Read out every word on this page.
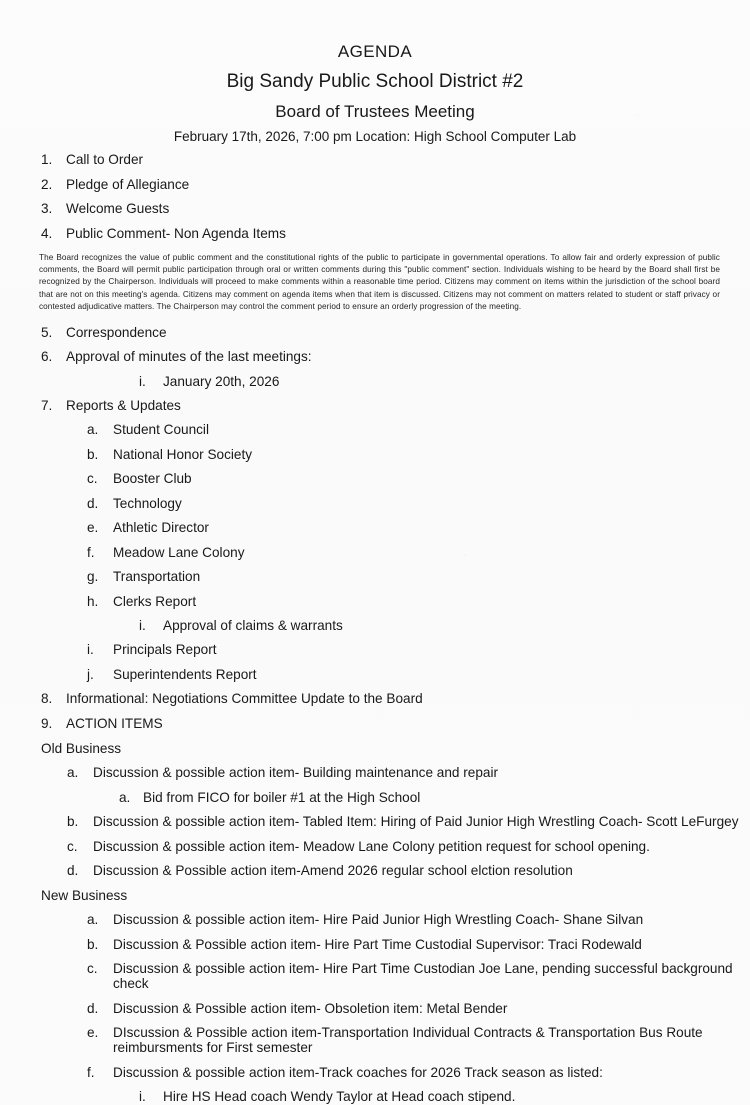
AGENDA
Big Sandy Public School District #2
Board of Trustees Meeting
February 17th, 2026, 7:00 pm Location: High School Computer Lab
1.	Call to Order
2.	Pledge of Allegiance
3.	Welcome Guests
4.	Public Comment- Non Agenda Items

The Board recognizes the value of public comment and the constitutional rights of the public to participate in governmental operations. To allow fair and orderly expression of public comments, the Board will permit public participation through oral or written comments during this "public comment" section. Individuals wishing to be heard by the Board shall first be recognized by the Chairperson. Individuals will proceed to make comments within a reasonable time period. Citizens may comment on items within the jurisdiction of the school board that are not on this meeting's agenda. Citizens may comment on agenda items when that item is discussed. Citizens may not comment on matters related to student or staff privacy or contested adjudicative matters. The Chairperson may control the comment period to ensure an orderly progression of the meeting.

5.	Correspondence
6.	Approval of minutes of the last meetings:
i.	January 20th, 2026
7.	Reports & Updates
a.	Student Council
b.	National Honor Society
c.	Booster Club
d.	Technology
e.	Athletic Director
f.	Meadow Lane Colony
g.	Transportation
h.	Clerks Report
i.	Approval of claims & warrants
i.	Principals Report
j.	Superintendents Report
8.	Informational: Negotiations Committee Update to the Board
9.	ACTION ITEMS
Old Business
a.	Discussion & possible action item- Building maintenance and repair
a. Bid from FICO for boiler #1 at the High School
b.	Discussion & possible action item- Tabled Item: Hiring of Paid Junior High Wrestling Coach- Scott LeFurgey
c.	Discussion & possible action item- Meadow Lane Colony petition request for school opening.
d.	Discussion & Possible action item-Amend 2026 regular school elction resolution
New Business
a.	Discussion & possible action item- Hire Paid Junior High Wrestling Coach- Shane Silvan
b.	Discussion & Possible action item- Hire Part Time Custodial Supervisor: Traci Rodewald
c.	Discussion & possible action item- Hire Part Time Custodian Joe Lane, pending successful background check
d.	Discussion & Possible action item- Obsoletion item: Metal Bender
e.	DIscussion & Possible action item-Transportation Individual Contracts & Transportation Bus Route reimbursments for First semester
f.	Discussion & possible action item-Track coaches for 2026 Track season as listed:
i.	Hire HS Head coach Wendy Taylor at Head coach stipend.
